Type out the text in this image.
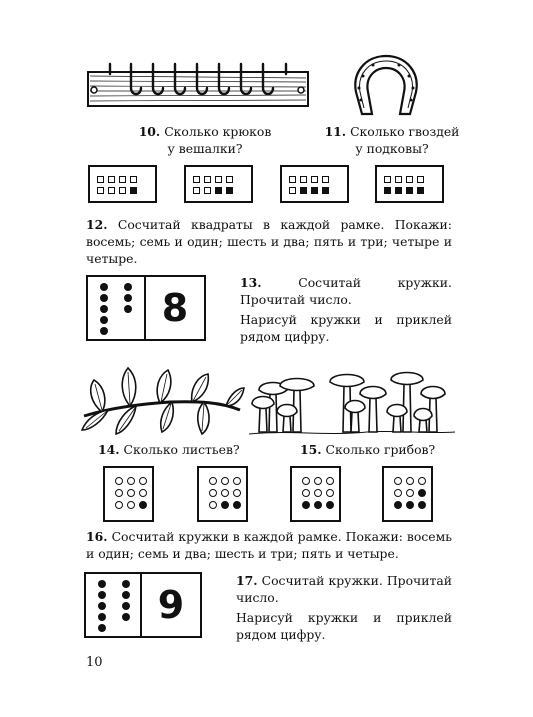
10. Сколько крюков
у вешалки?
11. Сколько гвоздей
у подковы?
12. Сосчитай квадраты в каждой рамке. Покажи: восемь; семь и один; шесть и два; пять и три; четыре и четыре.
8
13.	Сосчитай кружки. Прочитай число.
Нарисуй кружки и приклей рядом цифру.
14. Сколько листьев?	15. Сколько грибов?
16. Сосчитай кружки в каждой рамке. Покажи: восемь и один; семь и два; шесть и три; пять и четыре.
9
17. Сосчитай кружки. Прочитай число.
Нарисуй кружки и приклей рядом цифру.
10
